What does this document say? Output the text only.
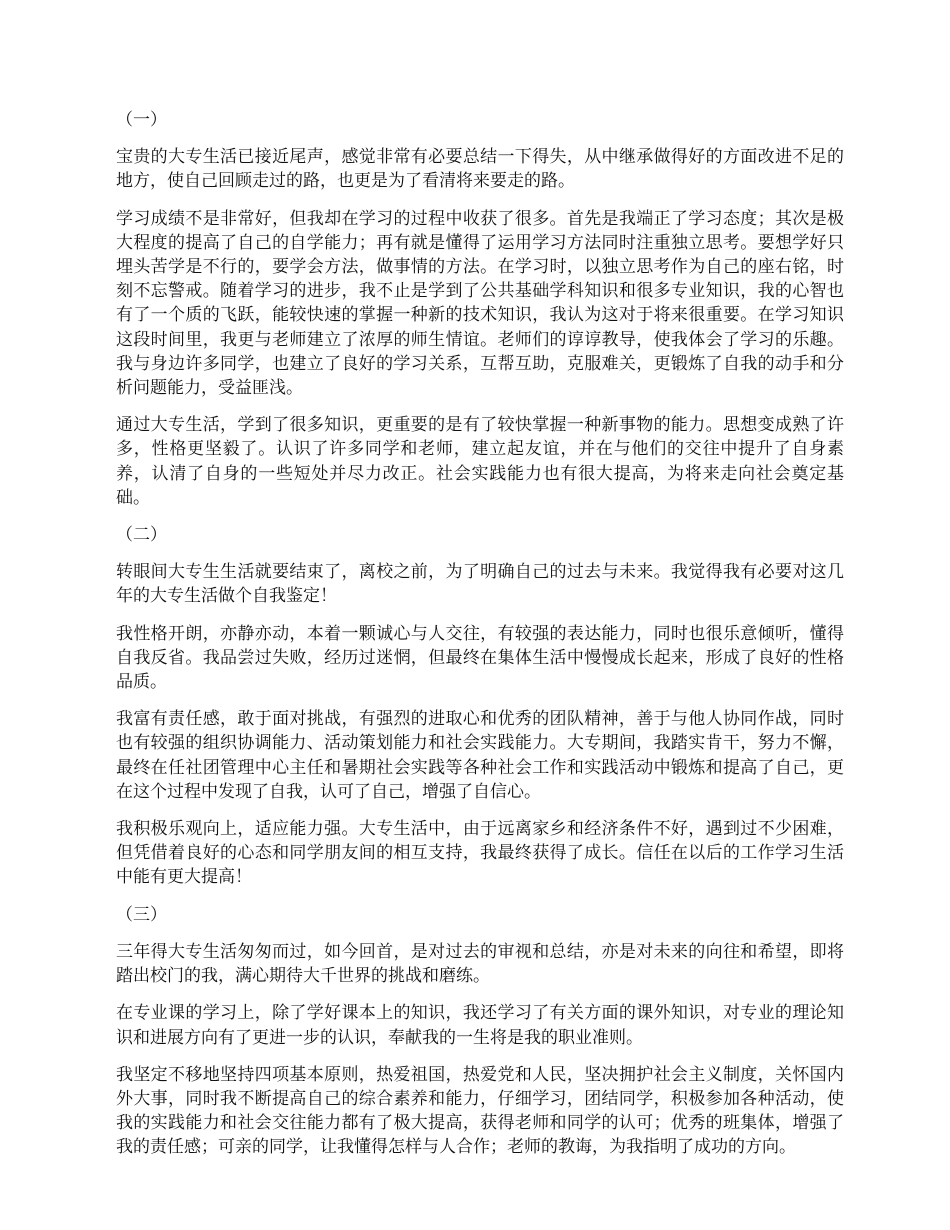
（一）

宝贵的大专生活已接近尾声，感觉非常有必要总结一下得失，从中继承做得好的方面改进不足的地方，使自己回顾走过的路，也更是为了看清将来要走的路。

学习成绩不是非常好，但我却在学习的过程中收获了很多。首先是我端正了学习态度；其次是极大程度的提高了自己的自学能力；再有就是懂得了运用学习方法同时注重独立思考。要想学好只埋头苦学是不行的，要学会方法，做事情的方法。在学习时，以独立思考作为自己的座右铭，时刻不忘警戒。随着学习的进步，我不止是学到了公共基础学科知识和很多专业知识，我的心智也有了一个质的飞跃，能较快速的掌握一种新的技术知识，我认为这对于将来很重要。在学习知识这段时间里，我更与老师建立了浓厚的师生情谊。老师们的谆谆教导，使我体会了学习的乐趣。我与身边许多同学，也建立了良好的学习关系，互帮互助，克服难关，更锻炼了自我的动手和分析问题能力，受益匪浅。

通过大专生活，学到了很多知识，更重要的是有了较快掌握一种新事物的能力。思想变成熟了许多，性格更坚毅了。认识了许多同学和老师，建立起友谊，并在与他们的交往中提升了自身素养，认清了自身的一些短处并尽力改正。社会实践能力也有很大提高，为将来走向社会奠定基础。

（二）

转眼间大专生生活就要结束了，离校之前，为了明确自己的过去与未来。我觉得我有必要对这几年的大专生活做个自我鉴定！

我性格开朗，亦静亦动，本着一颗诚心与人交往，有较强的表达能力，同时也很乐意倾听，懂得自我反省。我品尝过失败，经历过迷惘，但最终在集体生活中慢慢成长起来，形成了良好的性格品质。

我富有责任感，敢于面对挑战，有强烈的进取心和优秀的团队精神，善于与他人协同作战，同时也有较强的组织协调能力、活动策划能力和社会实践能力。大专期间，我踏实肯干，努力不懈，最终在任社团管理中心主任和暑期社会实践等各种社会工作和实践活动中锻炼和提高了自己，更在这个过程中发现了自我，认可了自己，增强了自信心。

我积极乐观向上，适应能力强。大专生活中，由于远离家乡和经济条件不好，遇到过不少困难，但凭借着良好的心态和同学朋友间的相互支持，我最终获得了成长。信任在以后的工作学习生活中能有更大提高！

（三）

三年得大专生活匆匆而过，如今回首，是对过去的审视和总结，亦是对未来的向往和希望，即将踏出校门的我，满心期待大千世界的挑战和磨练。

在专业课的学习上，除了学好课本上的知识，我还学习了有关方面的课外知识，对专业的理论知识和进展方向有了更进一步的认识，奉献我的一生将是我的职业准则。

我坚定不移地坚持四项基本原则，热爱祖国，热爱党和人民，坚决拥护社会主义制度，关怀国内外大事，同时我不断提高自己的综合素养和能力，仔细学习，团结同学，积极参加各种活动，使我的实践能力和社会交往能力都有了极大提高，获得老师和同学的认可；优秀的班集体，增强了我的责任感；可亲的同学，让我懂得怎样与人合作；老师的教诲，为我指明了成功的方向。
